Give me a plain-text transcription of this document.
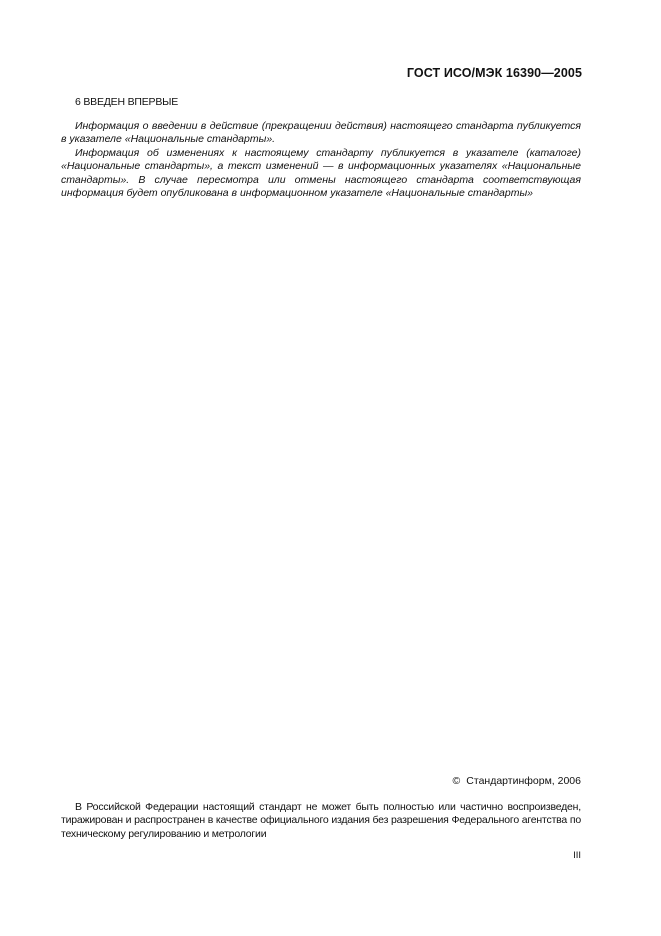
ГОСТ ИСО/МЭК 16390—2005
6 ВВЕДЕН ВПЕРВЫЕ

Информация о введении в действие (прекращении действия) настоящего стандарта публикуется в указателе «Национальные стандарты».

Информация об изменениях к настоящему стандарту публикуется в указателе (каталоге) «Национальные стандарты», а текст изменений — в информационных указателях «Национальные стандарты». В случае пересмотра или отмены настоящего стандарта соответствующая информация будет опубликована в информационном указателе «Национальные стандарты»

© Стандартинформ, 2006

В Российской Федерации настоящий стандарт не может быть полностью или частично воспроизведен, тиражирован и распространен в качестве официального издания без разрешения Федерального агентства по техническому регулированию и метрологии

III
